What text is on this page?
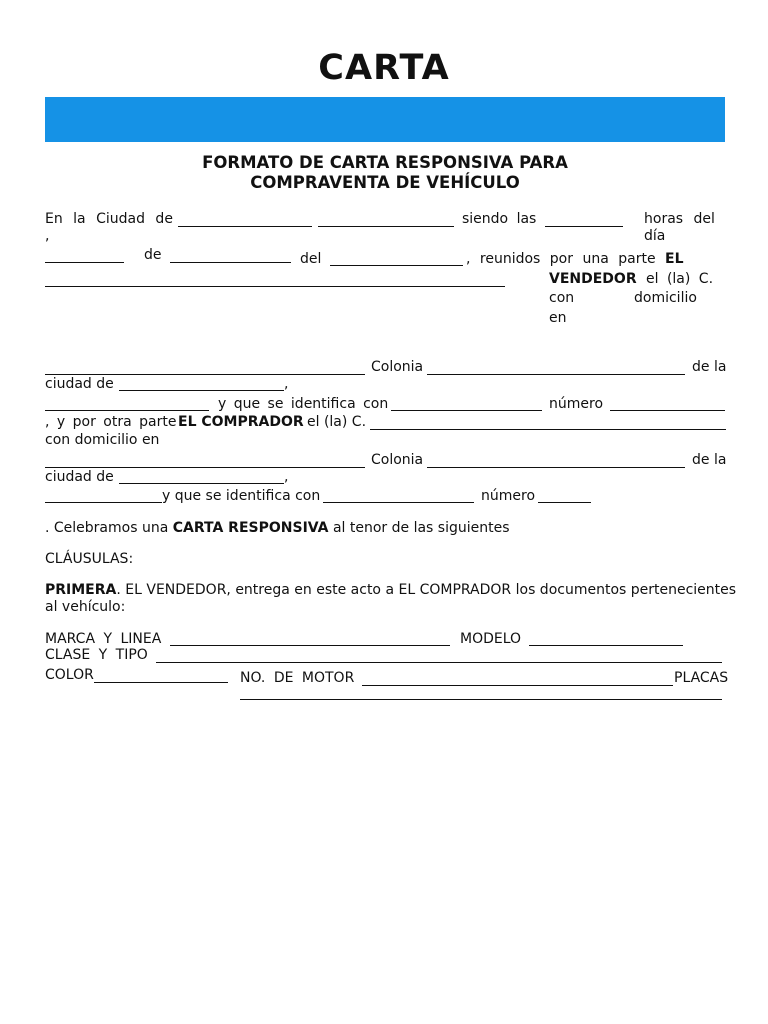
CARTA
FORMATO DE CARTA RESPONSIVA PARA
COMPRAVENTA DE VEHÍCULO
En la Ciudad de	siendo las	horas del
,	día
de	del	, reunidos por una parte EL
VENDEDOR el (la) C.
con	domicilio
en
Colonia	de la
ciudad de	,
y que se identifica con	número
, y por otra parte EL COMPRADOR el (la) C.
con domicilio en
Colonia	de la
ciudad de	,
y que se identifica con	número
. Celebramos una CARTA RESPONSIVA al tenor de las siguientes
CLÁUSULAS:
PRIMERA. EL VENDEDOR, entrega en este acto a EL COMPRADOR los documentos pertenecientes
al vehículo:
MARCA Y LINEA	MODELO
CLASE Y TIPO
COLOR	NO. DE MOTOR	PLACAS
